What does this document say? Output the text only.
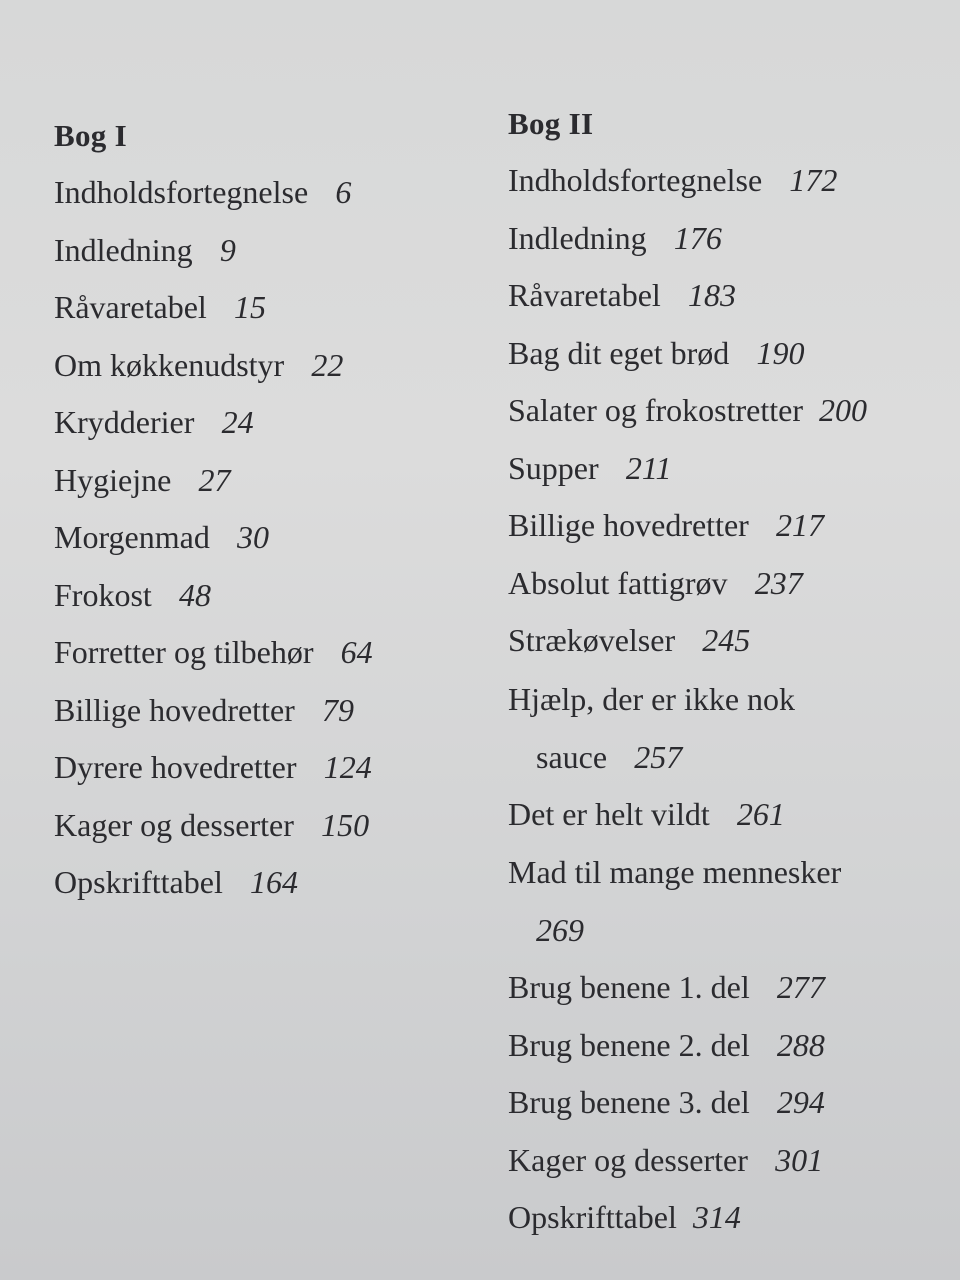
Bog I
Indholdsfortegnelse 6
Indledning 9
Råvaretabel 15
Om køkkenudstyr 22
Krydderier 24
Hygiejne 27
Morgenmad 30
Frokost 48
Forretter og tilbehør 64
Billige hovedretter 79
Dyrere hovedretter 124
Kager og desserter 150
Opskrifttabel 164
Bog II
Indholdsfortegnelse 172
Indledning 176
Råvaretabel 183
Bag dit eget brød 190
Salater og frokostretter 200
Supper 211
Billige hovedretter 217
Absolut fattigrøv 237
Strækøvelser 245
Hjælp, der er ikke nok
sauce 257
Det er helt vildt 261
Mad til mange mennesker
269
Brug benene 1. del 277
Brug benene 2. del 288
Brug benene 3. del 294
Kager og desserter 301
Opskrifttabel 314
